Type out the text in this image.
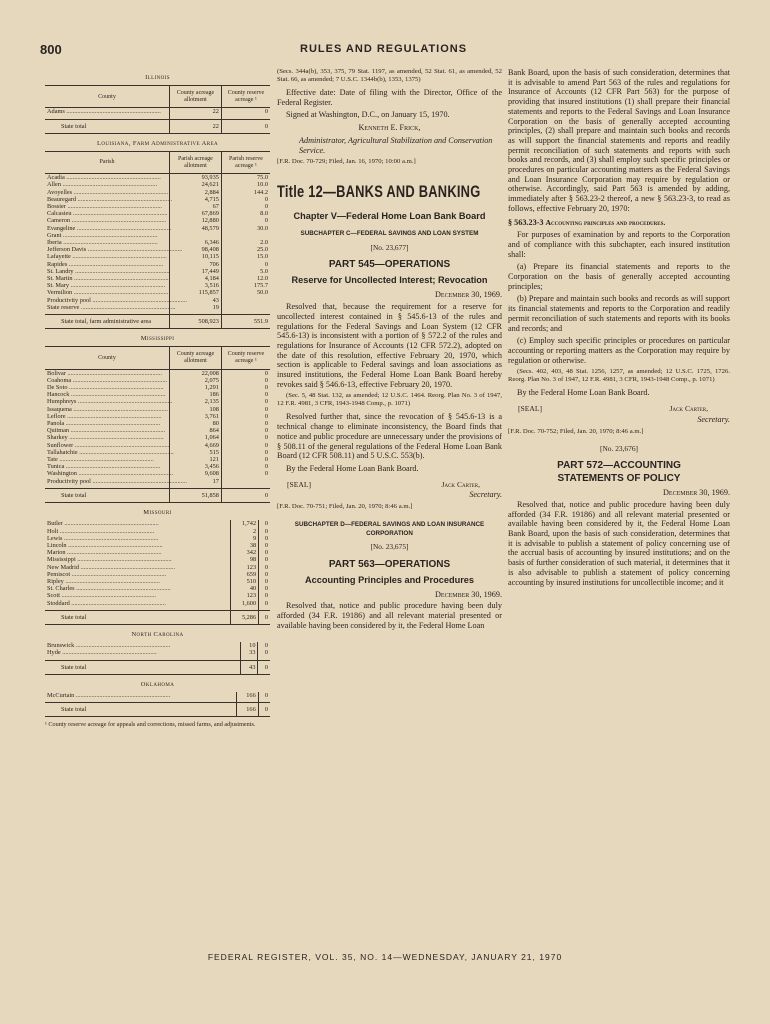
800	RULES AND REGULATIONS
Illinois
County	County acreage allotment	County reserve acreage ¹
Adams ............................................................	22	0

State total	22	0
Louisiana, Farm Administrative Area
Parish	Parish acreage allotment	Parish reserve acreage ¹
Acadia ............................................................	93,935	75.0
Allen ............................................................	24,621	10.0
Avoyelles ............................................................	2,884	144.2
Beauregard ............................................................	4,715	0
Bossier ............................................................	67	0
Calcasieu ............................................................	67,869	8.0
Cameron ............................................................	12,880	0
Evangeline ............................................................	48,579	30.0
Grant ............................................................		
Iberia ............................................................	6,346	2.0
Jefferson Davis ............................................................	98,408	25.0
Lafayette ............................................................	10,115	15.0
Rapides ............................................................	706	0
St. Landry ............................................................	17,449	5.0
St. Martin ............................................................	4,184	12.0
St. Mary ............................................................	3,516	175.7
Vermilion ............................................................	115,857	50.0
Productivity pool ............................................................	43	
State reserve ............................................................	19	

State total, farm administrative area	508,923	551.9
Mississippi
County	County acreage allotment	County reserve acreage ¹
Bolivar ............................................................	22,008	0
Coahoma ............................................................	2,075	0
De Soto ............................................................	1,291	0
Hancock ............................................................	186	0
Humphreys ............................................................	2,135	0
Issaquena ............................................................	108	0
Leflore ............................................................	3,761	0
Panola ............................................................	80	0
Quitman ............................................................	864	0
Sharkey ............................................................	1,064	0
Sunflower ............................................................	4,669	0
Tallahatchie ............................................................	515	0
Tate ............................................................	121	0
Tunica ............................................................	3,456	0
Washington ............................................................	9,608	0
Productivity pool ............................................................	17	

State total	51,858	0
Missouri
Butler ............................................................	1,742	0
Holt ............................................................	2	0
Lewis ............................................................	9	0
Lincoln ............................................................	38	0
Marion ............................................................	342	0
Mississippi ............................................................	98	0
New Madrid ............................................................	123	0
Pemiscot ............................................................	659	0
Ripley ............................................................	510	0
St. Charles ............................................................	40	0
Scott ............................................................	123	0
Stoddard ............................................................	1,600	0

State total	5,286	0
North Carolina
Brunswick ............................................................	10	0
Hyde ............................................................	33	0

State total	43	0
Oklahoma
McCurtain ............................................................	166	0

State total	166	0
¹ County reserve acreage for appeals and corrections, missed farms, and adjustments.

(Secs. 344a(b), 353, 375, 79 Stat. 1197, as amended, 52 Stat. 61, as amended, 52 Stat. 66, as amended; 7 U.S.C. 1344b(b), 1353, 1375)

Effective date: Date of filing with the Director, Office of the Federal Register.

Signed at Washington, D.C., on January 15, 1970.

Kenneth E. Frick,

Administrator, Agricultural Stabilization and Conservation Service.

[F.R. Doc. 70-729; Filed, Jan. 16, 1970; 10:00 a.m.]

Title 12—BANKS AND BANKING
Chapter V—Federal Home Loan Bank Board
SUBCHAPTER C—FEDERAL SAVINGS AND LOAN SYSTEM

[No. 23,677]

PART 545—OPERATIONS
Reserve for Uncollected Interest; Revocation

December 30, 1969.

Resolved that, because the requirement for a reserve for uncollected interest contained in § 545.6-13 of the rules and regulations for the Federal Savings and Loan System (12 CFR 545.6-13) is inconsistent with a portion of § 572.2 of the rules and regulations for Insurance of Accounts (12 CFR 572.2), adopted on the date of this resolution, effective February 20, 1970, which section is applicable to Federal savings and loan associations as insured institutions, the Federal Home Loan Bank Board hereby revokes said § 546.6-13, effective February 20, 1970.

(Sec. 5, 48 Stat. 132, as amended; 12 U.S.C. 1464. Reorg. Plan No. 3 of 1947, 12 F.R. 4981, 3 CFR, 1943-1948 Comp., p. 1071)

Resolved further that, since the revocation of § 545.6-13 is a technical change to eliminate inconsistency, the Board finds that notice and public procedure are unnecessary under the provisions of § 508.11 of the general regulations of the Federal Home Loan Bank Board (12 CFR 508.11) and 5 U.S.C. 553(b).

By the Federal Home Loan Bank Board.

[SEAL]	Jack Carter,

Secretary.

[F.R. Doc. 70-751; Filed, Jan. 20, 1970; 8:46 a.m.]

SUBCHAPTER D—FEDERAL SAVINGS AND LOAN INSURANCE CORPORATION

[No. 23,675]

PART 563—OPERATIONS
Accounting Principles and Procedures

December 30, 1969.

Resolved that, notice and public procedure having been duly afforded (34 F.R. 19186) and all relevant material presented or available having been considered by it, the Federal Home Loan

Bank Board, upon the basis of such consideration, determines that it is advisable to amend Part 563 of the rules and regulations for Insurance of Accounts (12 CFR Part 563) for the purpose of providing that insured institutions (1) shall prepare their financial statements and reports to the Federal Savings and Loan Insurance Corporation on the basis of generally accepted accounting principles, (2) shall prepare and maintain such books and records as will support the financial statements and reports and readily permit reconciliation of such statements and reports with such books and records, and (3) shall employ such specific principles or procedures on particular accounting matters as the Federal Savings and Loan Insurance Corporation may require by regulation or otherwise. Accordingly, said Part 563 is amended by adding, immediately after § 563.23-2 thereof, a new § 563.23-3, to read as follows, effective February 20, 1970:

§ 563.23-3 Accounting principles and procedures.

For purposes of examination by and reports to the Corporation and of compliance with this subchapter, each insured institution shall:

(a) Prepare its financial statements and reports to the Corporation on the basis of generally accepted accounting principles;

(b) Prepare and maintain such books and records as will support its financial statements and reports to the Corporation and readily permit reconciliation of such statements and reports with its books and records; and

(c) Employ such specific principles or procedures on particular accounting or reporting matters as the Corporation may require by regulation or otherwise.

(Secs. 402, 403, 48 Stat. 1256, 1257, as amended; 12 U.S.C. 1725, 1726. Reorg. Plan No. 3 of 1947, 12 F.R. 4981, 3 CFR, 1943-1948 Comp., p. 1071)

By the Federal Home Loan Bank Board.

[SEAL]	Jack Carter,

Secretary.

[F.R. Doc. 70-752; Filed, Jan. 20, 1970; 8:46 a.m.]

[No. 23,676]

PART 572—ACCOUNTING STATEMENTS OF POLICY

December 30, 1969.

Resolved that, notice and public procedure having been duly afforded (34 F.R. 19186) and all relevant material presented or available having been considered by it, the Federal Home Loan Bank Board, upon the basis of such consideration, determines that it is advisable to publish a statement of policy concerning use of the accrual basis of accounting by insured institutions; and on the basis of further consideration of such material, it determines that it is also advisable to publish a statement of policy concerning accounting by insured institutions for uncollectible income; and it

FEDERAL REGISTER, VOL. 35, NO. 14—WEDNESDAY, JANUARY 21, 1970
